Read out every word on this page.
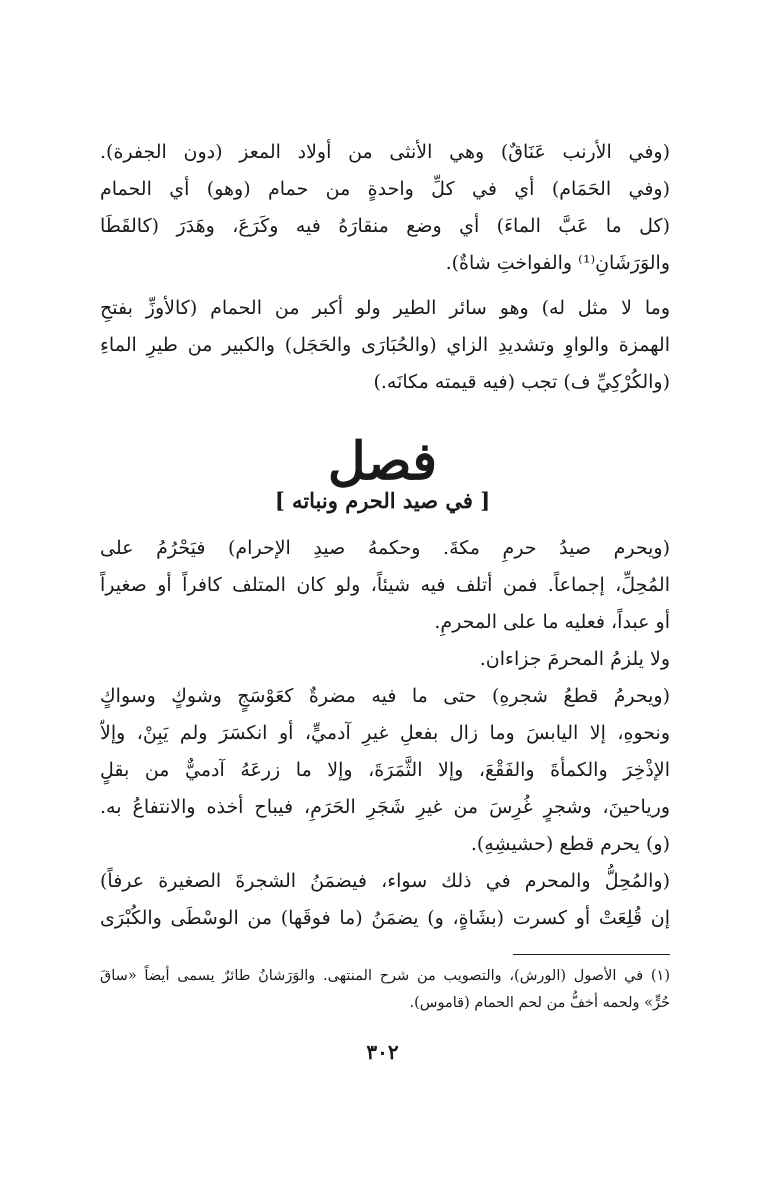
(وفي الأرنب عَنَاقٌ) وهي الأنثى من أولاد المعز (دون الجفرة).

(وفي الحَمَام) أي في كلِّ واحدةٍ من حمام (وهو) أي الحمام

(كل ما عَبَّ الماءَ) أي وضع منقارَهُ فيه وكَرَعَ، وهَدَرَ (كالقَطَا

والوَرَشَانِ⁽¹⁾ والفواختِ شاةٌ).

وما لا مثل له) وهو سائر الطير ولو أكبر من الحمام (كالأوزِّ بفتحِ

الهمزة والواوِ وتشديدِ الزاي (والحُبَارَى والحَجَل) والكبير من طيرِ الماءِ

(والكُرْكِيِّ ف) تجب (فيه قيمته مكانَه.)

فصل
[ في صيد الحرم ونباته ]

(ويحرم صيدُ حرمِ مكةَ. وحكمهُ صيدِ الإحرام) فيَحْرُمُ على

المُحِلِّ، إجماعاً. فمن أتلف فيه شيئاً، ولو كان المتلف كافراً أو صغيراً

أو عبداً، فعليه ما على المحرمِ.

ولا يلزمُ المحرمَ جزاءان.

(ويحرمُ قطعُ شجرهِ) حتى ما فيه مضرةٌ كعَوْسَجٍ وشوكٍ وسواكٍ

ونحوهِ، إلا اليابسَ وما زال بفعلِ غيرِ آدميٍّ، أو انكسَرَ ولم يَبِنْ، وإلاّ

الإذْخِرَ والكمأةَ والفَقْعَ، وإلا الثَّمَرَةَ، وإلا ما زرعَهُ آدميٌّ من بقلٍ

ورياحينَ، وشجرٍ غُرِسَ من غيرِ شَجَرِ الحَرَمِ، فيباح أخذه والانتفاعُ به.

(و) يحرم قطع (حشيشِهِ).

(والمُحِلُّ والمحرم في ذلك سواء، فيضمَنُ الشجرةَ الصغيرة عرفاً)

إن قُلِعَتْ أو كسرت (بشَاةٍ، و) يضمَنُ (ما فوقَها) من الوسْطَى والكُبْرَى

(١) في الأصول (الورش)، والتصويب من شرح المنتهى. والوَرَشانُ طائرٌ يسمى أيضاً «ساقَ

حُرٍّ» ولحمه أخفُّ من لحم الحمام (قاموس).

٣٠٢
